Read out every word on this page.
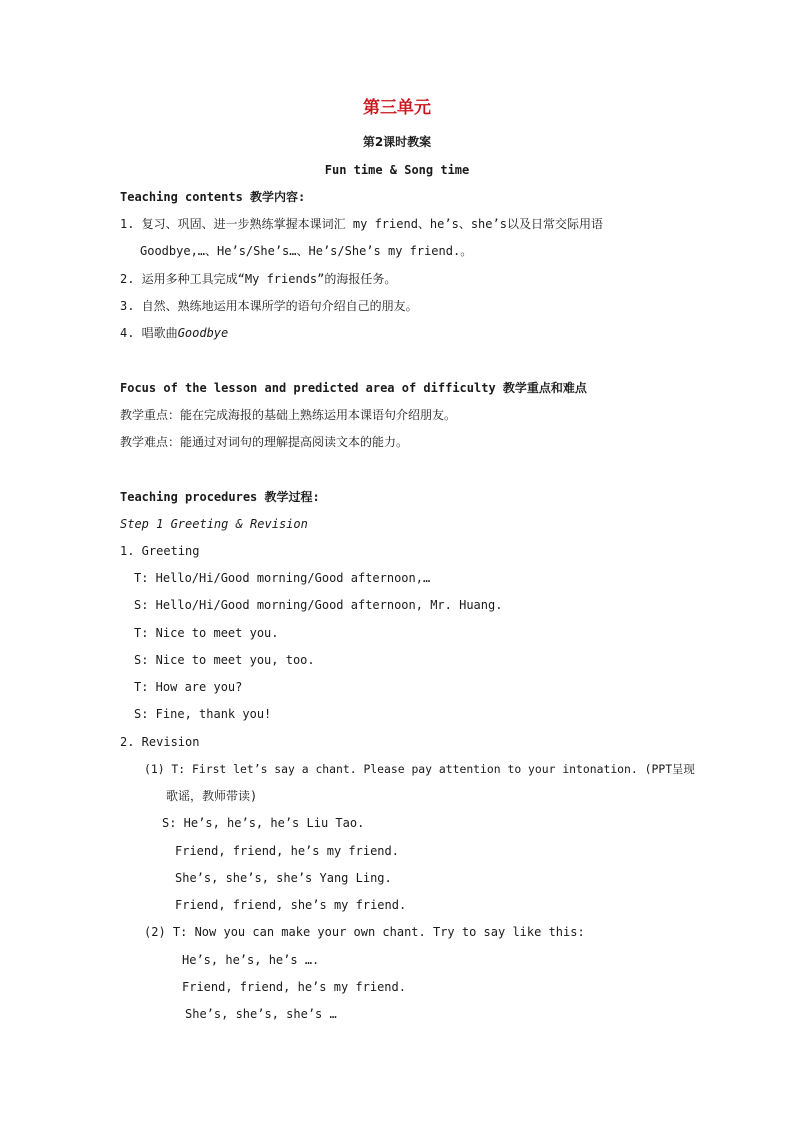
第三单元
第2课时教案
Fun time & Song time
Teaching contents 教学内容:
1. 复习、巩固、进一步熟练掌握本课词汇 my friend、he’s、she’s以及日常交际用语
Goodbye,…、He’s/She’s…、He’s/She’s my friend.。
2. 运用多种工具完成“My friends”的海报任务。
3. 自然、熟练地运用本课所学的语句介绍自己的朋友。
4. 唱歌曲Goodbye
Focus of the lesson and predicted area of difficulty 教学重点和难点
教学重点：能在完成海报的基础上熟练运用本课语句介绍朋友。
教学难点：能通过对词句的理解提高阅读文本的能力。
Teaching procedures 教学过程:
Step 1 Greeting & Revision
1. Greeting
T: Hello/Hi/Good morning/Good afternoon,…
S: Hello/Hi/Good morning/Good afternoon, Mr. Huang.
T: Nice to meet you.
S: Nice to meet you, too.
T: How are you?
S: Fine, thank you!
2. Revision
(1) T: First let’s say a chant. Please pay attention to your intonation. (PPT呈现
歌谣，教师带读)
S: He’s, he’s, he’s Liu Tao.
Friend, friend, he’s my friend.
She’s, she’s, she’s Yang Ling.
Friend, friend, she’s my friend.
(2) T: Now you can make your own chant. Try to say like this:
He’s, he’s, he’s ….
Friend, friend, he’s my friend.
She’s, she’s, she’s …
